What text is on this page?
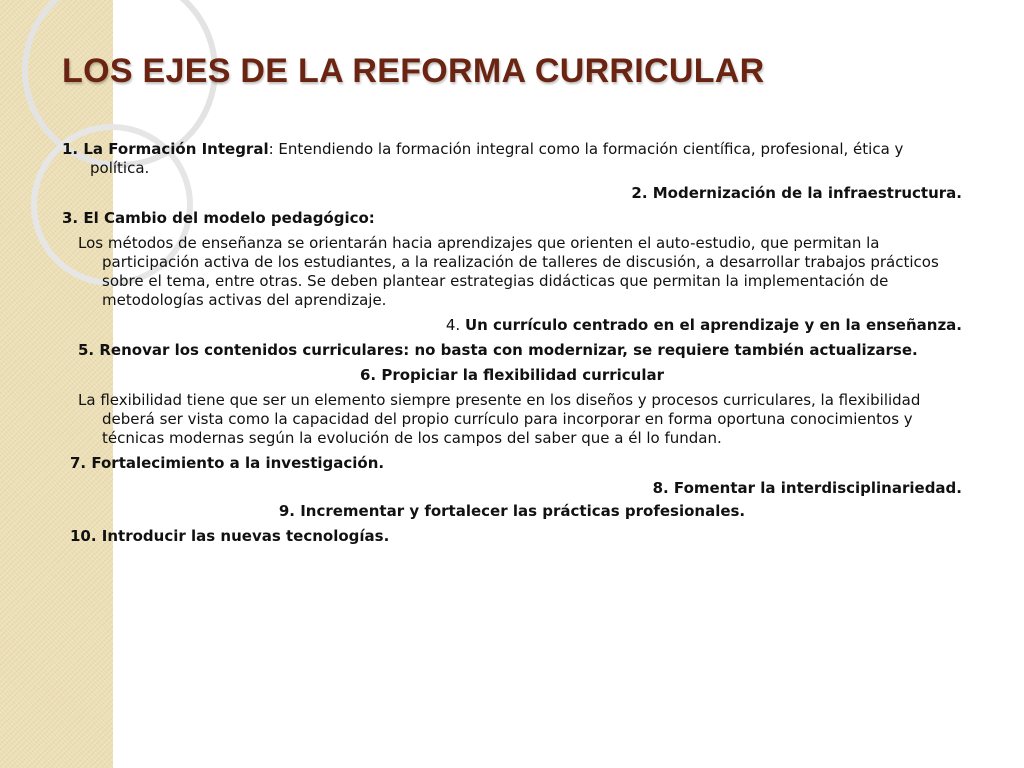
LOS EJES DE LA REFORMA CURRICULAR

1. La Formación Integral: Entendiendo la formación integral como la formación científica, profesional, ética y política.

2. Modernización de la infraestructura.

3. El Cambio del modelo pedagógico:

Los métodos de enseñanza se orientarán hacia aprendizajes que orienten el auto-estudio, que permitan la participación activa de los estudiantes, a la realización de talleres de discusión, a desarrollar trabajos prácticos sobre el tema, entre otras. Se deben plantear estrategias didácticas que permitan la implementación de metodologías activas del aprendizaje.

4. Un currículo centrado en el aprendizaje y en la enseñanza.

5. Renovar los contenidos curriculares: no basta con modernizar, se requiere también actualizarse.

6. Propiciar la flexibilidad curricular

La flexibilidad tiene que ser un elemento siempre presente en los diseños y procesos curriculares, la flexibilidad deberá ser vista como la capacidad del propio currículo para incorporar en forma oportuna conocimientos y técnicas modernas según la evolución de los campos del saber que a él lo fundan.

7. Fortalecimiento a la investigación.

8. Fomentar la interdisciplinariedad.

9. Incrementar y fortalecer las prácticas profesionales.

10. Introducir las nuevas tecnologías.
